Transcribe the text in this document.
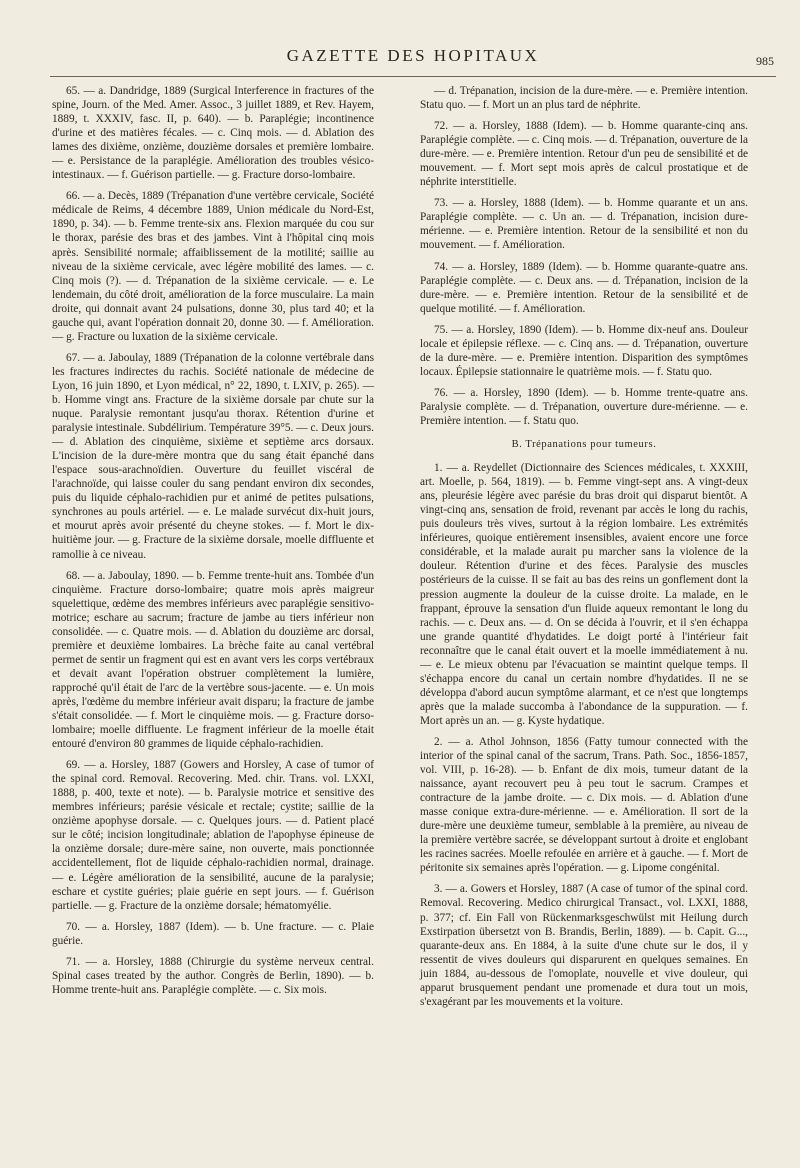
GAZETTE DES HOPITAUX	985

65. — a. Dandridge, 1889 (Surgical Interference in fractures of the spine, Journ. of the Med. Amer. Assoc., 3 juillet 1889, et Rev. Hayem, 1889, t. XXXIV, fasc. II, p. 640). — b. Paraplégie; incontinence d'urine et des matières fécales. — c. Cinq mois. — d. Ablation des lames des dixième, onzième, douzième dorsales et première lombaire. — e. Persistance de la paraplégie. Amélioration des troubles vésico-intestinaux. — f. Guérison partielle. — g. Fracture dorso-lombaire.

66. — a. Decès, 1889 (Trépanation d'une vertèbre cervicale, Société médicale de Reims, 4 décembre 1889, Union médicale du Nord-Est, 1890, p. 34). — b. Femme trente-six ans. Flexion marquée du cou sur le thorax, parésie des bras et des jambes. Vint à l'hôpital cinq mois après. Sensibilité normale; affaiblissement de la motilité; saillie au niveau de la sixième cervicale, avec légère mobilité des lames. — c. Cinq mois (?). — d. Trépanation de la sixième cervicale. — e. Le lendemain, du côté droit, amélioration de la force musculaire. La main droite, qui donnait avant 24 pulsations, donne 30, plus tard 40; et la gauche qui, avant l'opération donnait 20, donne 30. — f. Amélioration. — g. Fracture ou luxation de la sixième cervicale.

67. — a. Jaboulay, 1889 (Trépanation de la colonne vertébrale dans les fractures indirectes du rachis. Société nationale de médecine de Lyon, 16 juin 1890, et Lyon médical, n° 22, 1890, t. LXIV, p. 265). — b. Homme vingt ans. Fracture de la sixième dorsale par chute sur la nuque. Paralysie remontant jusqu'au thorax. Rétention d'urine et paralysie intestinale. Subdélirium. Température 39°5. — c. Deux jours. — d. Ablation des cinquième, sixième et septième arcs dorsaux. L'incision de la dure-mère montra que du sang était épanché dans l'espace sous-arachnoïdien. Ouverture du feuillet viscéral de l'arachnoïde, qui laisse couler du sang pendant environ dix secondes, puis du liquide céphalo-rachidien pur et animé de petites pulsations, synchrones au pouls artériel. — e. Le malade survécut dix-huit jours, et mourut après avoir présenté du cheyne stokes. — f. Mort le dix-huitième jour. — g. Fracture de la sixième dorsale, moelle diffluente et ramollie à ce niveau.

68. — a. Jaboulay, 1890. — b. Femme trente-huit ans. Tombée d'un cinquième. Fracture dorso-lombaire; quatre mois après maigreur squelettique, œdème des membres inférieurs avec paraplégie sensitivo-motrice; eschare au sacrum; fracture de jambe au tiers inférieur non consolidée. — c. Quatre mois. — d. Ablation du douzième arc dorsal, première et deuxième lombaires. La brèche faite au canal vertébral permet de sentir un fragment qui est en avant vers les corps vertébraux et devait avant l'opération obstruer complètement la lumière, rapproché qu'il était de l'arc de la vertèbre sous-jacente. — e. Un mois après, l'œdème du membre inférieur avait disparu; la fracture de jambe s'était consolidée. — f. Mort le cinquième mois. — g. Fracture dorso-lombaire; moelle diffluente. Le fragment inférieur de la moelle était entouré d'environ 80 grammes de liquide céphalo-rachidien.

69. — a. Horsley, 1887 (Gowers and Horsley, A case of tumor of the spinal cord. Removal. Recovering. Med. chir. Trans. vol. LXXI, 1888, p. 400, texte et note). — b. Paralysie motrice et sensitive des membres inférieurs; parésie vésicale et rectale; cystite; saillie de la onzième apophyse dorsale. — c. Quelques jours. — d. Patient placé sur le côté; incision longitudinale; ablation de l'apophyse épineuse de la onzième dorsale; dure-mère saine, non ouverte, mais ponctionnée accidentellement, flot de liquide céphalo-rachidien normal, drainage. — e. Légère amélioration de la sensibilité, aucune de la paralysie; eschare et cystite guéries; plaie guérie en sept jours. — f. Guérison partielle. — g. Fracture de la onzième dorsale; hématomyélie.

70. — a. Horsley, 1887 (Idem). — b. Une fracture. — c. Plaie guérie.

71. — a. Horsley, 1888 (Chirurgie du système nerveux central. Spinal cases treated by the author. Congrès de Berlin, 1890). — b. Homme trente-huit ans. Paraplégie complète. — c. Six mois.

— d. Trépanation, incision de la dure-mère. — e. Première intention. Statu quo. — f. Mort un an plus tard de néphrite.

72. — a. Horsley, 1888 (Idem). — b. Homme quarante-cinq ans. Paraplégie complète. — c. Cinq mois. — d. Trépanation, ouverture de la dure-mère. — e. Première intention. Retour d'un peu de sensibilité et de mouvement. — f. Mort sept mois après de calcul prostatique et de néphrite interstitielle.

73. — a. Horsley, 1888 (Idem). — b. Homme quarante et un ans. Paraplégie complète. — c. Un an. — d. Trépanation, incision dure-mérienne. — e. Première intention. Retour de la sensibilité et non du mouvement. — f. Amélioration.

74. — a. Horsley, 1889 (Idem). — b. Homme quarante-quatre ans. Paraplégie complète. — c. Deux ans. — d. Trépanation, incision de la dure-mère. — e. Première intention. Retour de la sensibilité et de quelque motilité. — f. Amélioration.

75. — a. Horsley, 1890 (Idem). — b. Homme dix-neuf ans. Douleur locale et épilepsie réflexe. — c. Cinq ans. — d. Trépanation, ouverture de la dure-mère. — e. Première intention. Disparition des symptômes locaux. Épilepsie stationnaire le quatrième mois. — f. Statu quo.

76. — a. Horsley, 1890 (Idem). — b. Homme trente-quatre ans. Paralysie complète. — d. Trépanation, ouverture dure-mérienne. — e. Première intention. — f. Statu quo.

B. Trépanations pour tumeurs.

1. — a. Reydellet (Dictionnaire des Sciences médicales, t. XXXIII, art. Moelle, p. 564, 1819). — b. Femme vingt-sept ans. A vingt-deux ans, pleurésie légère avec parésie du bras droit qui disparut bientôt. A vingt-cinq ans, sensation de froid, revenant par accès le long du rachis, puis douleurs très vives, surtout à la région lombaire. Les extrémités inférieures, quoique entièrement insensibles, avaient encore une force considérable, et la malade aurait pu marcher sans la violence de la douleur. Rétention d'urine et des fèces. Paralysie des muscles postérieurs de la cuisse. Il se fait au bas des reins un gonflement dont la pression augmente la douleur de la cuisse droite. La malade, en le frappant, éprouve la sensation d'un fluide aqueux remontant le long du rachis. — c. Deux ans. — d. On se décida à l'ouvrir, et il s'en échappa une grande quantité d'hydatides. Le doigt porté à l'intérieur fait reconnaître que le canal était ouvert et la moelle immédiatement à nu. — e. Le mieux obtenu par l'évacuation se maintint quelque temps. Il s'échappa encore du canal un certain nombre d'hydatides. Il ne se développa d'abord aucun symptôme alarmant, et ce n'est que longtemps après que la malade succomba à l'abondance de la suppuration. — f. Mort après un an. — g. Kyste hydatique.

2. — a. Athol Johnson, 1856 (Fatty tumour connected with the interior of the spinal canal of the sacrum, Trans. Path. Soc., 1856-1857, vol. VIII, p. 16-28). — b. Enfant de dix mois, tumeur datant de la naissance, ayant recouvert peu à peu tout le sacrum. Crampes et contracture de la jambe droite. — c. Dix mois. — d. Ablation d'une masse conique extra-dure-mérienne. — e. Amélioration. Il sort de la dure-mère une deuxième tumeur, semblable à la première, au niveau de la première vertèbre sacrée, se développant surtout à droite et englobant les racines sacrées. Moelle refoulée en arrière et à gauche. — f. Mort de péritonite six semaines après l'opération. — g. Lipome congénital.

3. — a. Gowers et Horsley, 1887 (A case of tumor of the spinal cord. Removal. Recovering. Medico chirurgical Transact., vol. LXXI, 1888, p. 377; cf. Ein Fall von Rückenmarksgeschwülst mit Heilung durch Exstirpation übersetzt von B. Brandis, Berlin, 1889). — b. Capit. G..., quarante-deux ans. En 1884, à la suite d'une chute sur le dos, il y ressentit de vives douleurs qui disparurent en quelques semaines. En juin 1884, au-dessous de l'omoplate, nouvelle et vive douleur, qui apparut brusquement pendant une promenade et dura tout un mois, s'exagérant par les mouvements et la voiture.
